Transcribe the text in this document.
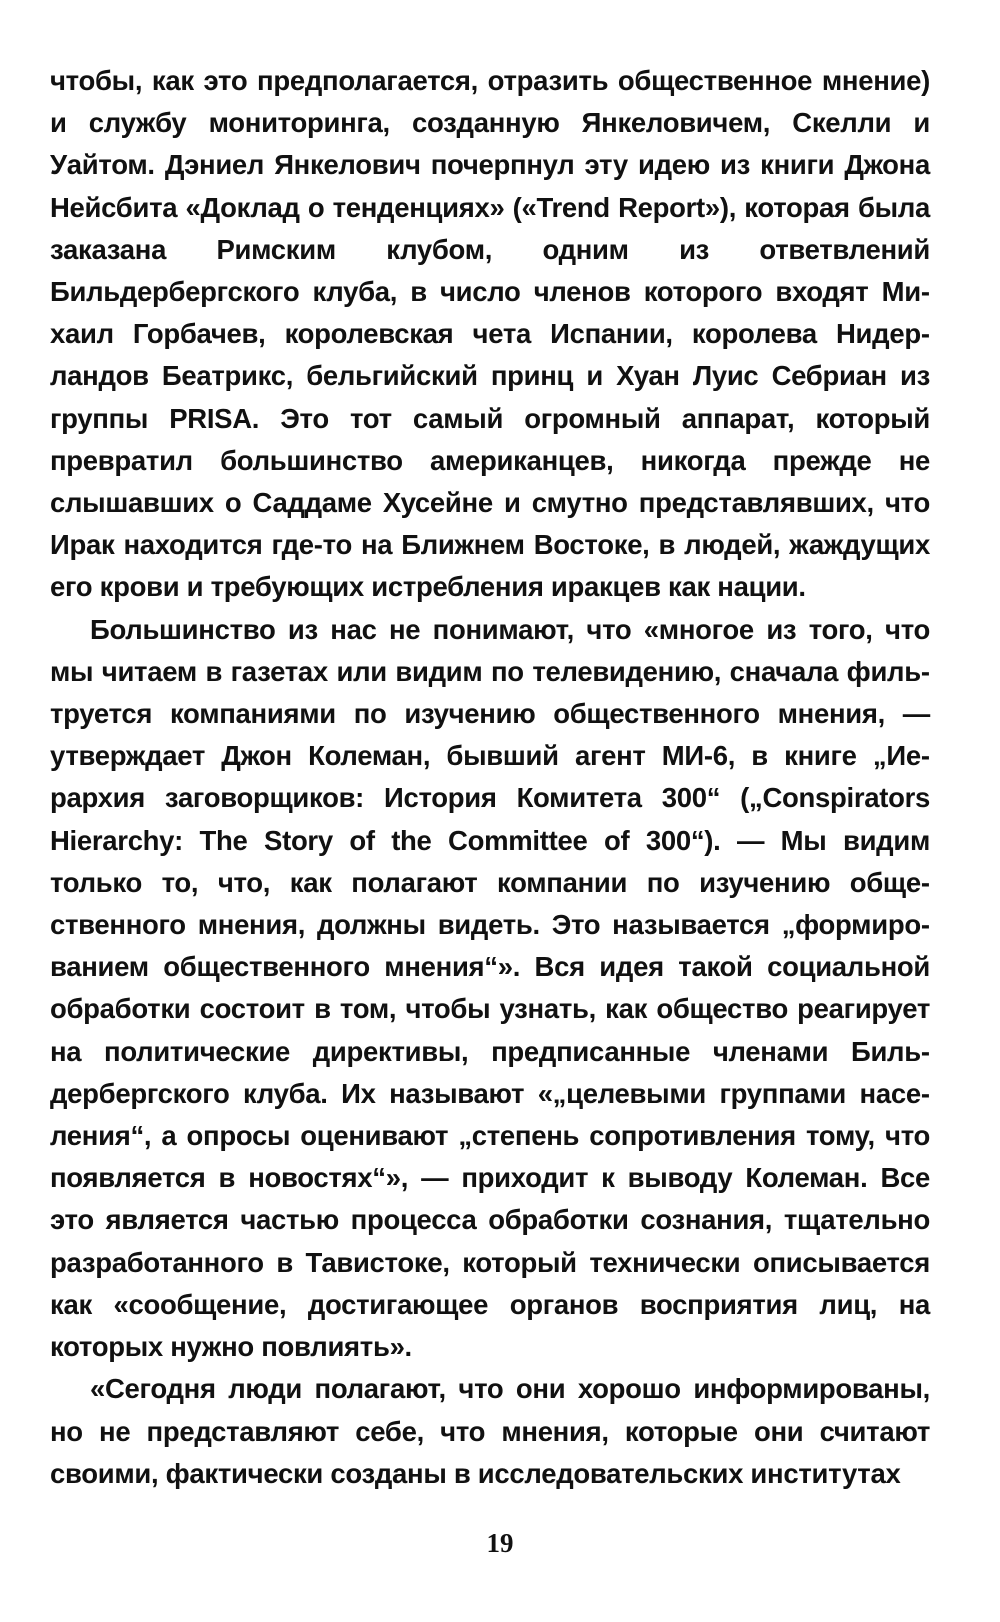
чтобы, как это предполагается, отразить общественное мнение) и службу мониторинга, созданную Янкеловичем, Скелли и Уайтом. Дэниел Янкелович почерпнул эту идею из книги Джона Нейсбита «Доклад о тенденциях» («Trend Report»), которая была заказана Римским клубом, одним из ответвлений Бильдербергского клуба, в число членов которого входят Михаил Горбачев, королевская чета Испании, королева Нидерландов Беатрикс, бельгийский принц и Хуан Луис Себриан из группы PRISA. Это тот самый огромный аппарат, который превратил большинство американцев, никогда прежде не слышавших о Саддаме Хусейне и смутно представлявших, что Ирак находится где-то на Ближнем Востоке, в людей, жаждущих его крови и требующих истребления иракцев как нации.

Большинство из нас не понимают, что «многое из того, что мы читаем в газетах или видим по телевидению, сначала фильтруется компаниями по изучению общественного мнения, — утверждает Джон Колеман, бывший агент МИ-6, в книге „Иерархия заговорщиков: История Комитета 300“ („Conspirators Hierarchy: The Story of the Committee of 300“). — Мы видим только то, что, как полагают компании по изучению общественного мнения, должны видеть. Это называется „формированием общественного мнения“». Вся идея такой социальной обработки состоит в том, чтобы узнать, как общество реагирует на политические директивы, предписанные членами Бильдербергского клуба. Их называют «„целевыми группами населения“, а опросы оценивают „степень сопротивления тому, что появляется в новостях“», — приходит к выводу Колеман. Все это является частью процесса обработки сознания, тщательно разработанного в Тавистоке, который технически описывается как «сообщение, достигающее органов восприятия лиц, на которых нужно повлиять».

«Сегодня люди полагают, что они хорошо информированы, но не представляют себе, что мнения, которые они считают своими, фактически созданы в исследовательских институтах

19
